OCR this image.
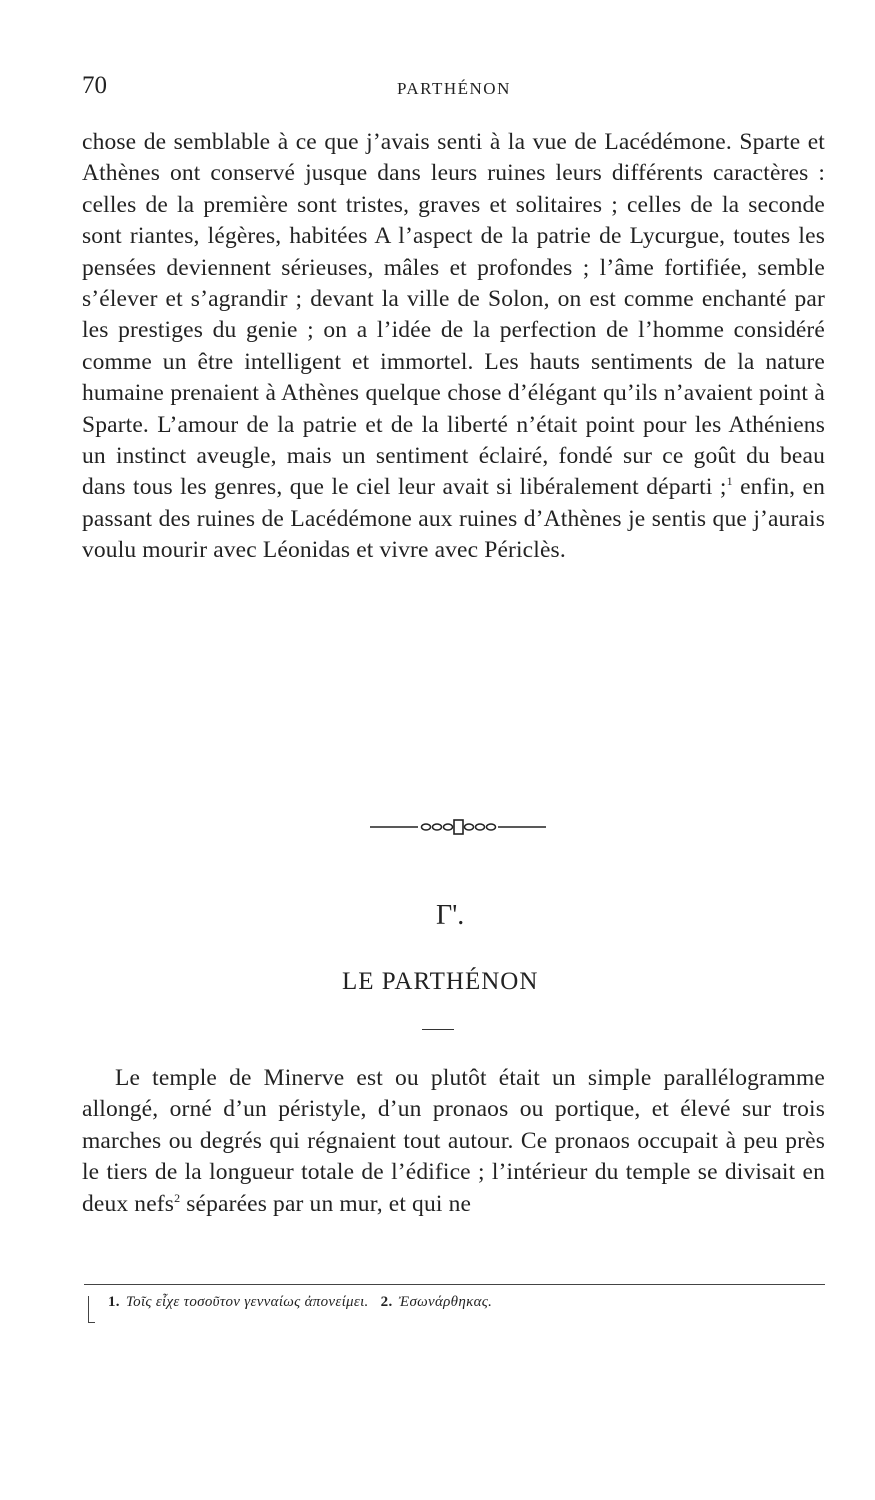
70	PARTHÉNON
chose de semblable à ce que j’avais senti à la vue de Lacédémone. Sparte et Athènes ont conservé jusque dans leurs ruines leurs différents caractères : celles de la première sont tristes, graves et solitaires ; celles de la seconde sont riantes, légères, habitées A l’aspect de la patrie de Lycurgue, toutes les pensées deviennent sérieuses, mâles et profondes ; l’âme fortifiée, semble s’élever et s’agrandir ; devant la ville de Solon, on est comme enchanté par les prestiges du genie ; on a l’idée de la perfection de l’homme considéré comme un être intelligent et immortel. Les hauts sentiments de la nature humaine prenaient à Athènes quelque chose d’élégant qu’ils n’avaient point à Sparte. L’amour de la patrie et de la liberté n’était point pour les Athéniens un instinct aveugle, mais un sentiment éclairé, fondé sur ce goût du beau dans tous les genres, que le ciel leur avait si libéralement départi ;$^1$ enfin, en passant des ruines de Lacédémone aux ruines d’Athènes je sentis que j’aurais voulu mourir avec Léonidas et vivre avec Périclès.
Γ'.
LE PARTHÉNON
Le temple de Minerve est ou plutôt était un simple parallélogramme allongé, orné d’un péristyle, d’un pronaos ou portique, et élevé sur trois marches ou degrés qui régnaient tout autour. Ce pronaos occupait à peu près le tiers de la longueur totale de l’édifice ; l’intérieur du temple se divisait en deux nefs$^2$ séparées par un mur, et qui ne
1. Τοῖς εἶχε τοσοῦτον γενναίως ἀπονείμει. 2. Ἐσωνάρθηκας.
